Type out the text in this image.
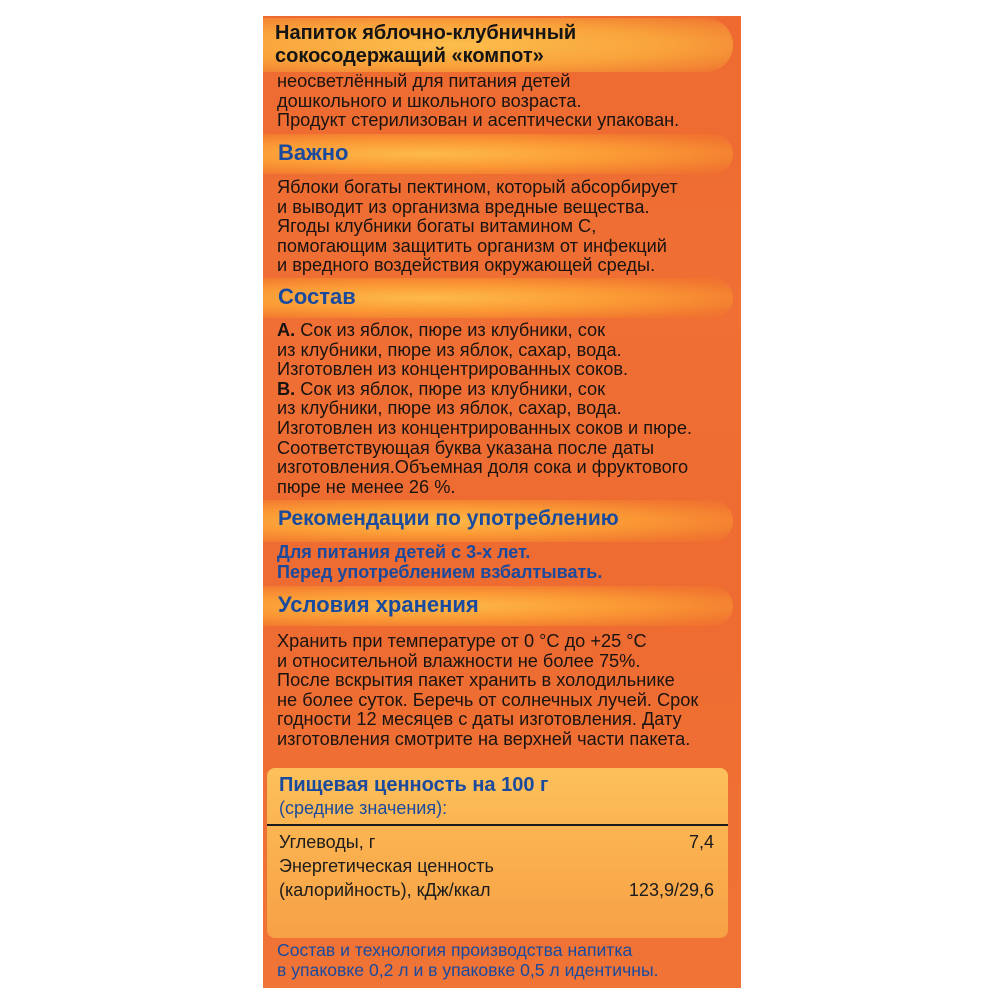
Напиток яблочно-клубничный
сокосодержащий «компот»
неосветлённый для питания детей
дошкольного и школьного возраста.
Продукт стерилизован и асептически упакован.
Важно
Яблоки богаты пектином, который абсорбирует
и выводит из организма вредные вещества.
Ягоды клубники богаты витамином С,
помогающим защитить организм от инфекций
и вредного воздействия окружающей среды.
Состав
А. Сок из яблок, пюре из клубники, сок
из клубники, пюре из яблок, сахар, вода.
Изготовлен из концентрированных соков.
В. Сок из яблок, пюре из клубники, сок
из клубники, пюре из яблок, сахар, вода.
Изготовлен из концентрированных соков и пюре.
Соответствующая буква указана после даты
изготовления.Объемная доля сока и фруктового
пюре не менее 26 %.
Рекомендации по употреблению
Для питания детей с 3-х лет.
Перед употреблением взбалтывать.
Условия хранения
Хранить при температуре от 0 °С до +25 °С
и относительной влажности не более 75%.
После вскрытия пакет хранить в холодильнике
не более суток. Беречь от солнечных лучей. Срок
годности 12 месяцев с даты изготовления. Дату
изготовления смотрите на верхней части пакета.
Пищевая ценность на 100 г
(средние значения):
Углеводы, г	7,4
Энергетическая ценность
(калорийность), кДж/ккал	123,9/29,6
Состав и технология производства напитка
в упаковке 0,2 л и в упаковке 0,5 л идентичны.
